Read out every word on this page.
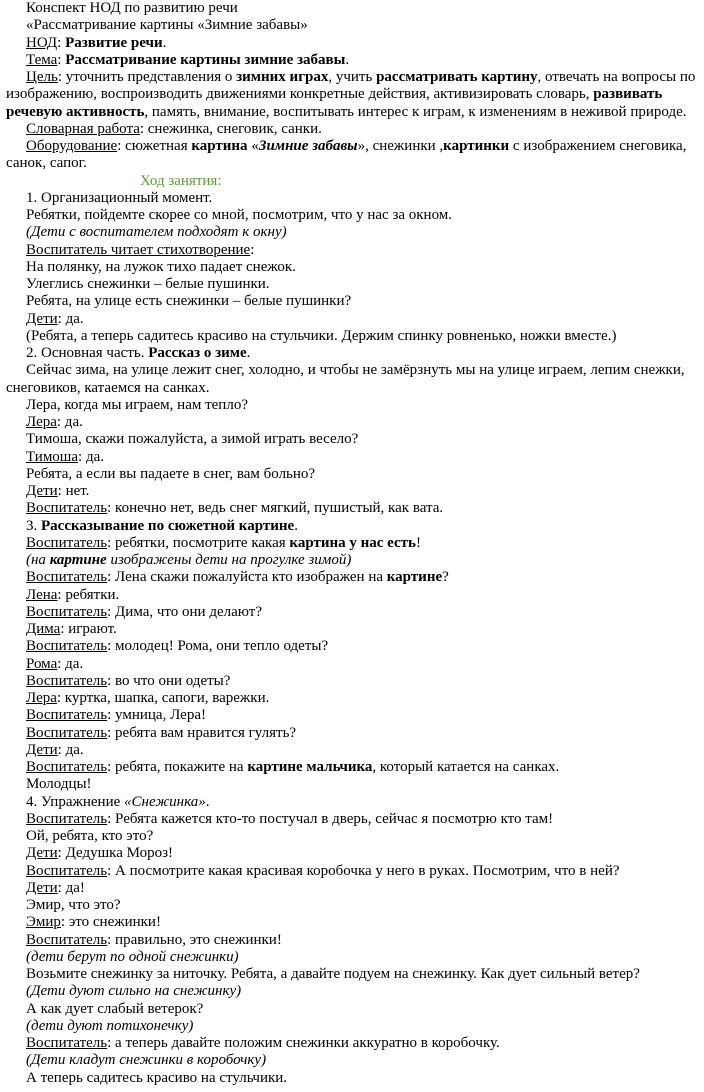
Конспект НОД по развитию речи

«Рассматривание картины «Зимние забавы»

НОД: Развитие речи.

Тема: Рассматривание картины зимние забавы.

Цель: уточнить представления о зимних играх, учить рассматривать картину, отвечать на вопросы по изображению, воспроизводить движениями конкретные действия, активизировать словарь, развивать речевую активность, память, внимание, воспитывать интерес к играм, к изменениям в неживой природе.

Словарная работа: снежинка, снеговик, санки.

Оборудование: сюжетная картина «Зимние забавы», снежинки ,картинки с изображением снеговика, санок, сапог.

Ход занятия:

1. Организационный момент.

Ребятки, пойдемте скорее со мной, посмотрим, что у нас за окном.

(Дети с воспитателем подходят к окну)

Воспитатель читает стихотворение:

На полянку, на лужок тихо падает снежок.

Улеглись снежинки – белые пушинки.

Ребята, на улице есть снежинки – белые пушинки?

Дети: да.

(Ребята, а теперь садитесь красиво на стульчики. Держим спинку ровненько, ножки вместе.)

2. Основная часть. Рассказ о зиме.

Сейчас зима, на улице лежит снег, холодно, и чтобы не замёрзнуть мы на улице играем, лепим снежки, снеговиков, катаемся на санках.

Лера, когда мы играем, нам тепло?

Лера: да.

Тимоша, скажи пожалуйста, а зимой играть весело?

Тимоша: да.

Ребята, а если вы падаете в снег, вам больно?

Дети: нет.

Воспитатель: конечно нет, ведь снег мягкий, пушистый, как вата.

3. Рассказывание по сюжетной картине.

Воспитатель: ребятки, посмотрите какая картина у нас есть!

(на картине изображены дети на прогулке зимой)

Воспитатель: Лена скажи пожалуйста кто изображен на картине?

Лена: ребятки.

Воспитатель: Дима, что они делают?

Дима: играют.

Воспитатель: молодец! Рома, они тепло одеты?

Рома: да.

Воспитатель: во что они одеты?

Лера: куртка, шапка, сапоги, варежки.

Воспитатель: умница, Лера!

Воспитатель: ребята вам нравится гулять?

Дети: да.

Воспитатель: ребята, покажите на картине мальчика, который катается на санках.

Молодцы!

4. Упражнение «Снежинка».

Воспитатель: Ребята кажется кто-то постучал в дверь, сейчас я посмотрю кто там!

Ой, ребята, кто это?

Дети: Дедушка Мороз!

Воспитатель: А посмотрите какая красивая коробочка у него в руках. Посмотрим, что в ней?

Дети: да!

Эмир, что это?

Эмир: это снежинки!

Воспитатель: правильно, это снежинки!

(дети берут по одной снежинки)

Возьмите снежинку за ниточку. Ребята, а давайте подуем на снежинку. Как дует сильный ветер?

(Дети дуют сильно на снежинку)

А как дует слабый ветерок?

(дети дуют потихонечку)

Воспитатель: а теперь давайте положим снежинки аккуратно в коробочку.

(Дети кладут снежинки в коробочку)

А теперь садитесь красиво на стульчики.
